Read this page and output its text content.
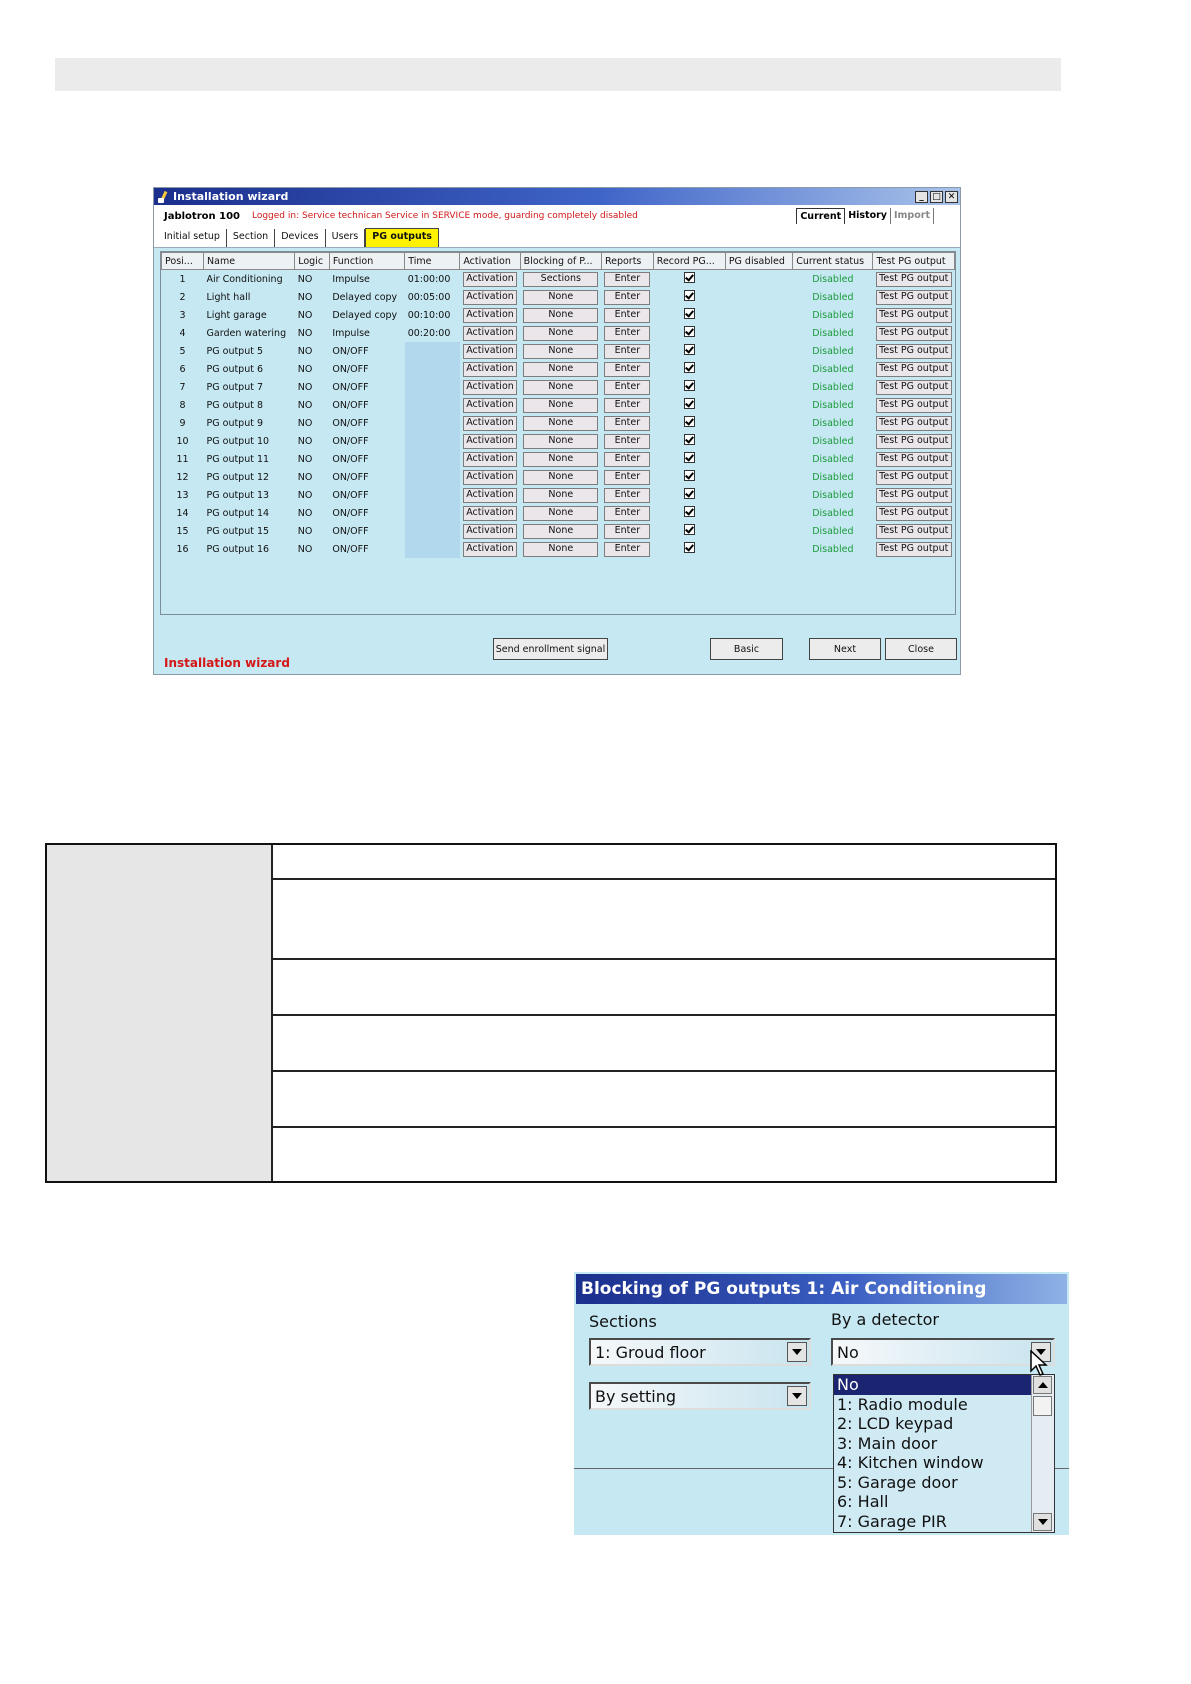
Installation wizard	_ □ ✕
Jablotron 100 Logged in: Service technican Service in SERVICE mode, guarding completely disabled	Current History Import
Initial setup	Section	Devices	Users	PG outputs
Posi...	Name	Logic	Function	Time	Activation	Blocking of P...	Reports	Record PG...	PG disabled	Current status	Test PG output
1	Air Conditioning	NO	Impulse	01:00:00	Activation	Sections	Enter			Disabled	Test PG output

2	Light hall	NO	Delayed copy	00:05:00	Activation	None	Enter			Disabled	Test PG output

3	Light garage	NO	Delayed copy	00:10:00	Activation	None	Enter			Disabled	Test PG output

4	Garden watering	NO	Impulse	00:20:00	Activation	None	Enter			Disabled	Test PG output

5	PG output 5	NO	ON/OFF		Activation	None	Enter			Disabled	Test PG output

6	PG output 6	NO	ON/OFF		Activation	None	Enter			Disabled	Test PG output

7	PG output 7	NO	ON/OFF		Activation	None	Enter			Disabled	Test PG output

8	PG output 8	NO	ON/OFF		Activation	None	Enter			Disabled	Test PG output

9	PG output 9	NO	ON/OFF		Activation	None	Enter			Disabled	Test PG output

10	PG output 10	NO	ON/OFF		Activation	None	Enter			Disabled	Test PG output

11	PG output 11	NO	ON/OFF		Activation	None	Enter			Disabled	Test PG output

12	PG output 12	NO	ON/OFF		Activation	None	Enter			Disabled	Test PG output

13	PG output 13	NO	ON/OFF		Activation	None	Enter			Disabled	Test PG output

14	PG output 14	NO	ON/OFF		Activation	None	Enter			Disabled	Test PG output

15	PG output 15	NO	ON/OFF		Activation	None	Enter			Disabled	Test PG output

16	PG output 16	NO	ON/OFF		Activation	None	Enter			Disabled	Test PG output
Installation wizard
Send enrollment signal	Basic	Next	Close
Blocking of PG outputs 1: Air Conditioning
Sections	By a detector
1: Groud floor
By setting
No
No
1: Radio module
2: LCD keypad
3: Main door
4: Kitchen window
5: Garage door
6: Hall
7: Garage PIR
